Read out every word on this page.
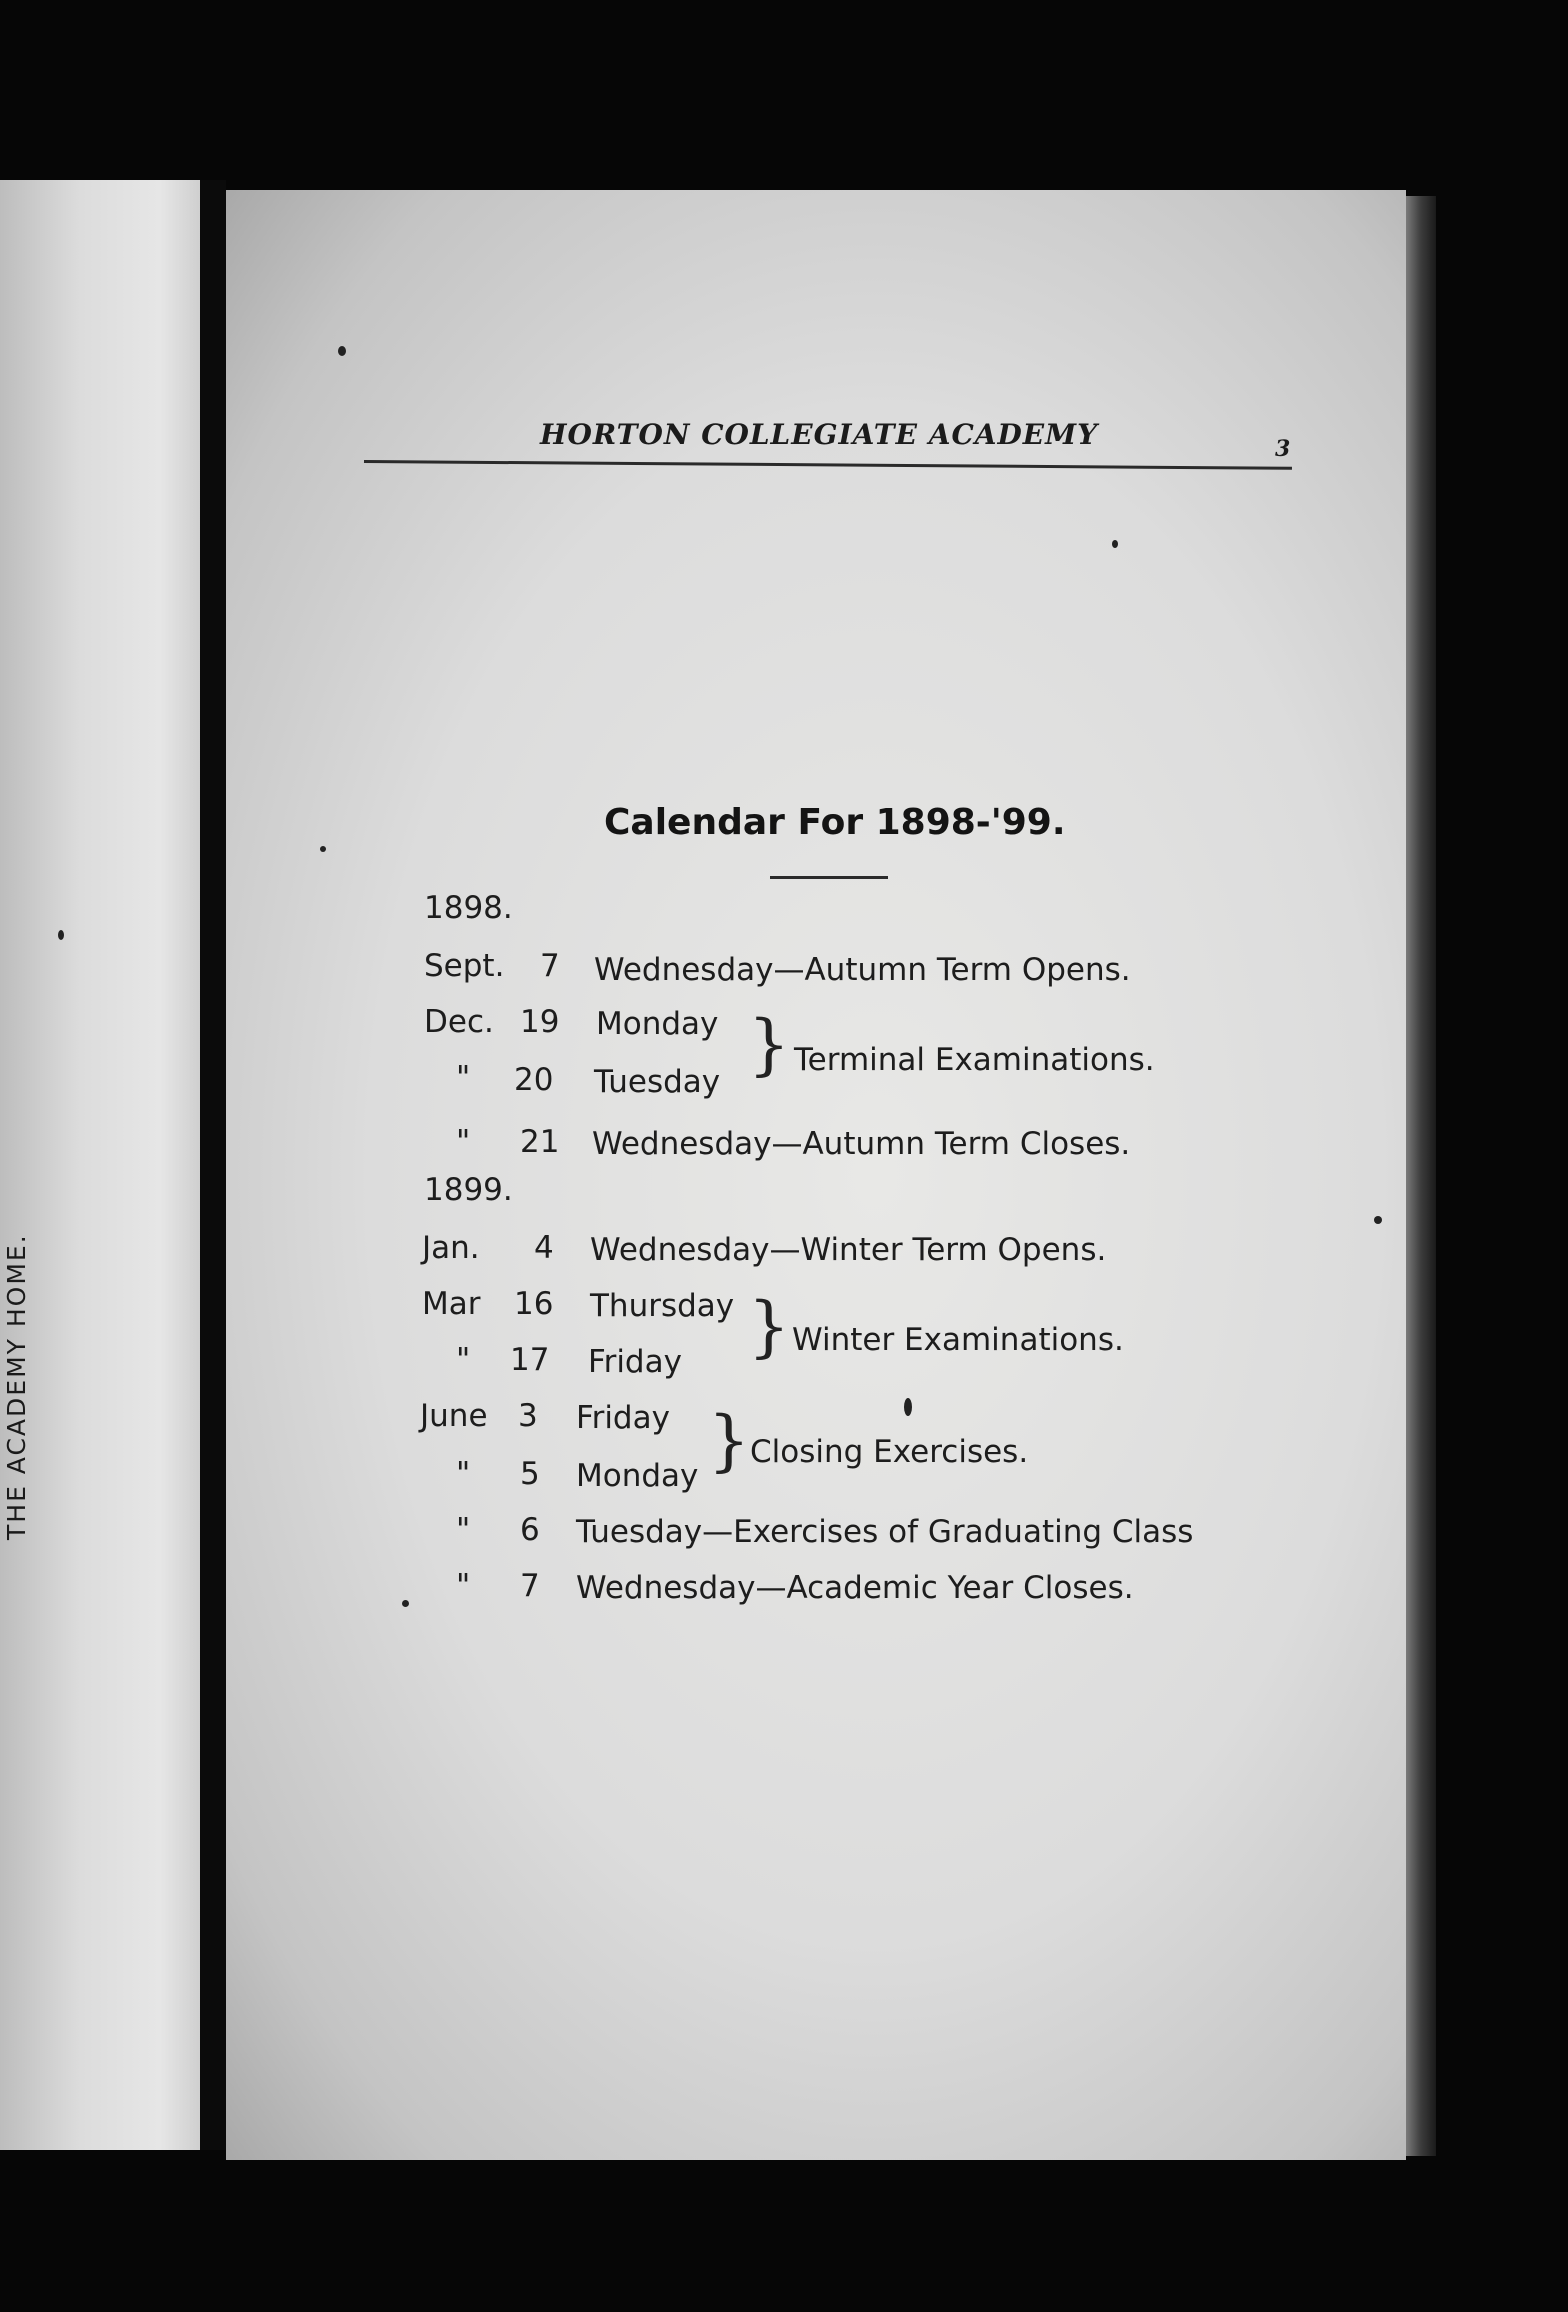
THE ACADEMY HOME.
HORTON COLLEGIATE ACADEMY	3
Calendar For 1898-'99.
1898.
Sept. 7 Wednesday—Autumn Term Opens.
Dec. 19 Monday
" 20 Tuesday } Terminal Examinations.
" 21 Wednesday—Autumn Term Closes.
1899.
Jan. 4 Wednesday—Winter Term Opens.
Mar 16 Thursday
" 17 Friday } Winter Examinations.
June 3 Friday
" 5 Monday } Closing Exercises.
" 6 Tuesday—Exercises of Graduating Class
" 7 Wednesday—Academic Year Closes.
